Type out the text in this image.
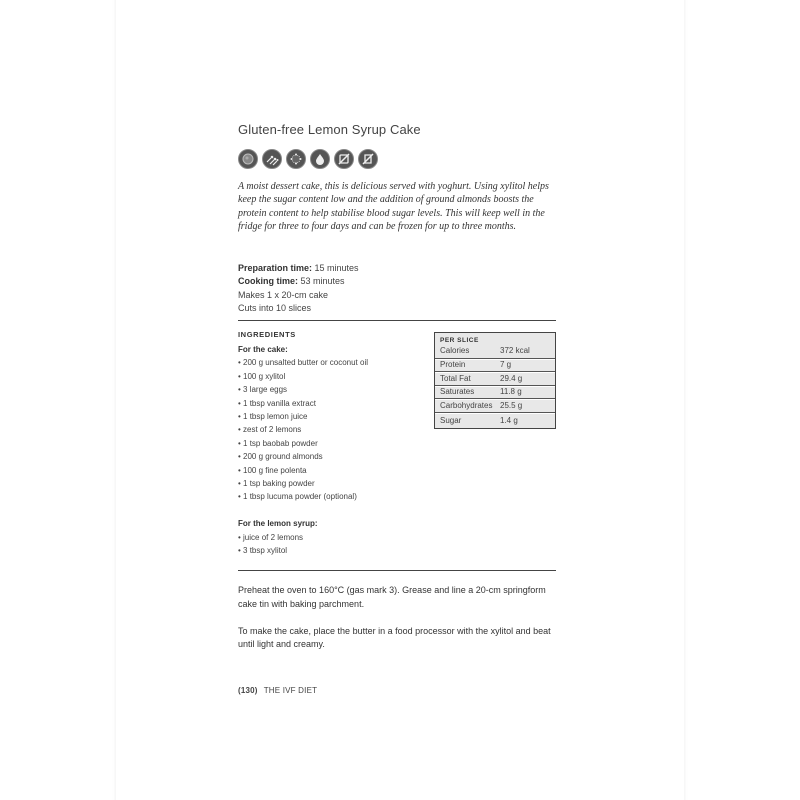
Gluten-free Lemon Syrup Cake
A moist dessert cake, this is delicious served with yoghurt. Using xylitol helps keep the sugar content low and the addition of ground almonds boosts the protein content to help stabilise blood sugar levels. This will keep well in the fridge for three to four days and can be frozen for up to three months.
Preparation time: 15 minutes
Cooking time: 53 minutes
Makes 1 x 20-cm cake
Cuts into 10 slices
INGREDIENTS
For the cake:
• 200 g unsalted butter or coconut oil
• 100 g xylitol
• 3 large eggs
• 1 tbsp vanilla extract
• 1 tbsp lemon juice
• zest of 2 lemons
• 1 tsp baobab powder
• 200 g ground almonds
• 100 g fine polenta
• 1 tsp baking powder
• 1 tbsp lucuma powder (optional)
For the lemon syrup:
• juice of 2 lemons
• 3 tbsp xylitol
PER SLICE
Calories	372 kcal
Protein	7 g
Total Fat	29.4 g
Saturates	11.8 g
Carbohydrates 25.5 g
Sugar	1.4 g

Preheat the oven to 160°C (gas mark 3). Grease and line a 20-cm springform cake tin with baking parchment.

To make the cake, place the butter in a food processor with the xylitol and beat until light and creamy.

(130) THE IVF DIET
